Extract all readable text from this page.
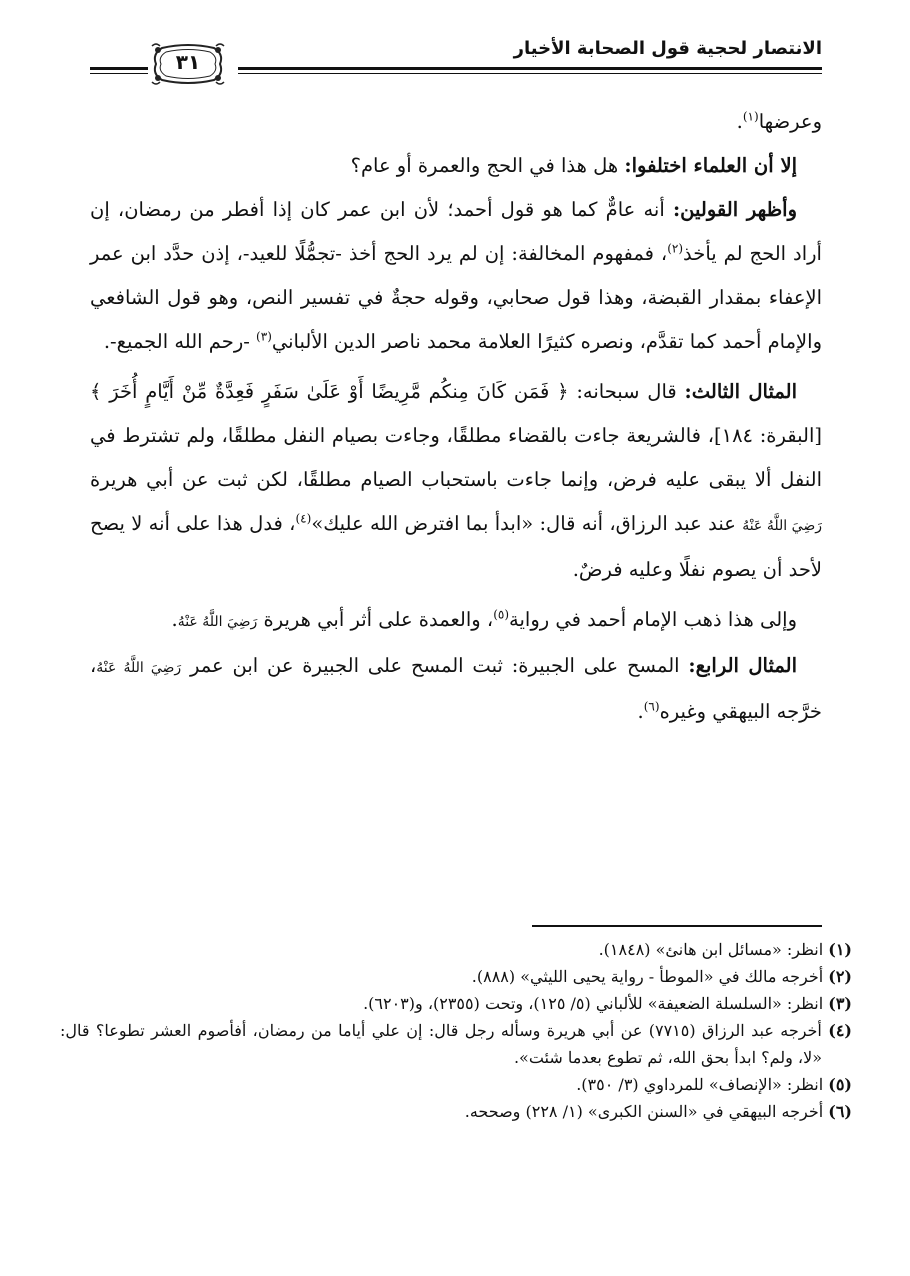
الانتصار لحجية قول الصحابة الأخيار
٣١

وعرضها$^{(١)}$.

إلا أن العلماء اختلفوا: هل هذا في الحج والعمرة أو عام؟

وأظهر القولين: أنه عامٌّ كما هو قول أحمد؛ لأن ابن عمر كان إذا أفطر من رمضان، إن أراد الحج لم يأخذ$^{(٢)}$، فمفهوم المخالفة: إن لم يرد الحج أخذ -تجمُّلًا للعيد-، إذن حدَّد ابن عمر الإعفاء بمقدار القبضة، وهذا قول صحابي، وقوله حجةٌ في تفسير النص، وهو قول الشافعي والإمام أحمد كما تقدَّم، ونصره كثيرًا العلامة محمد ناصر الدين الألباني$^{(٣)}$ -رحم الله الجميع-.

المثال الثالث: قال سبحانه: ﴿ فَمَن كَانَ مِنكُم مَّرِيضًا أَوْ عَلَىٰ سَفَرٍ فَعِدَّةٌ مِّنْ أَيَّامٍ أُخَرَ ﴾ [البقرة: ١٨٤]، فالشريعة جاءت بالقضاء مطلقًا، وجاءت بصيام النفل مطلقًا، ولم تشترط في النفل ألا يبقى عليه فرض، وإنما جاءت باستحباب الصيام مطلقًا، لكن ثبت عن أبي هريرة رَضِيَ اللَّهُ عَنْهُ عند عبد الرزاق، أنه قال: «ابدأ بما افترض الله عليك»$^{(٤)}$، فدل هذا على أنه لا يصح لأحد أن يصوم نفلًا وعليه فرضٌ.

وإلى هذا ذهب الإمام أحمد في رواية$^{(٥)}$، والعمدة على أثر أبي هريرة رَضِيَ اللَّهُ عَنْهُ.

المثال الرابع: المسح على الجبيرة: ثبت المسح على الجبيرة عن ابن عمر رَضِيَ اللَّهُ عَنْهُ، خرَّجه البيهقي وغيره$^{(٦)}$.

(١) انظر: «مسائل ابن هانئ» (١٨٤٨).

(٢) أخرجه مالك في «الموطأ - رواية يحيى الليثي» (٨٨٨).

(٣) انظر: «السلسلة الضعيفة» للألباني (٥/ ١٢٥)، وتحت (٢٣٥٥)، و(٦٢٠٣).

(٤) أخرجه عبد الرزاق (٧٧١٥) عن أبي هريرة وسأله رجل قال: إن علي أياما من رمضان، أفأصوم العشر تطوعا؟ قال: «لا، ولم؟ ابدأ بحق الله، ثم تطوع بعدما شئت».

(٥) انظر: «الإنصاف» للمرداوي (٣/ ٣٥٠).

(٦) أخرجه البيهقي في «السنن الكبرى» (١/ ٢٢٨) وصححه.
